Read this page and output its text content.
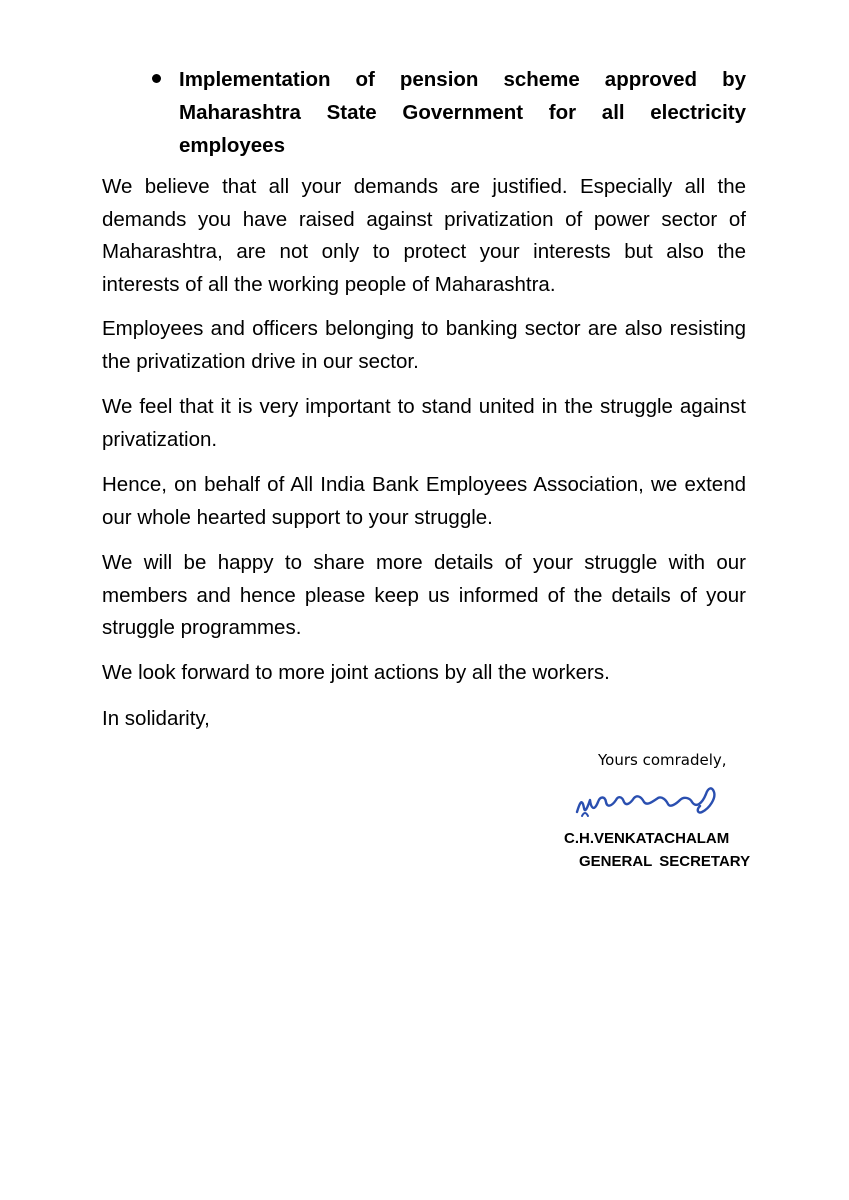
Implementation of pension scheme approved by Maharashtra State Government for all electricity employees

We believe that all your demands are justified. Especially all the demands you have raised against privatization of power sector of Maharashtra, are not only to protect your interests but also the interests of all the working people of Maharashtra.

Employees and officers belonging to banking sector are also resisting the privatization drive in our sector.

We feel that it is very important to stand united in the struggle against privatization.

Hence, on behalf of All India Bank Employees Association, we extend our whole hearted support to your struggle.

We will be happy to share more details of your struggle with our members and hence please keep us informed of the details of your struggle programmes.

We look forward to more joint actions by all the workers.

In solidarity,

Yours comradely,

C.H.VENKATACHALAM

GENERAL SECRETARY
